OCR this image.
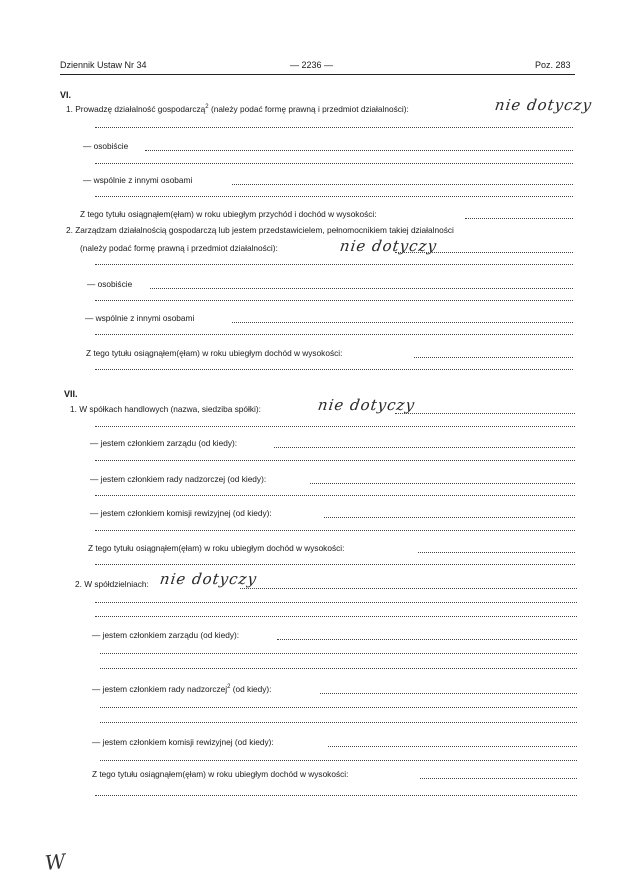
Dziennik Ustaw Nr 34	— 2236 —	Poz. 283
VI.
1. Prowadzę działalność gospodarczą$^2$ (należy podać formę prawną i przedmiot działalności):	nie dotyczy
— osobiście
— wspólnie z innymi osobami
Z tego tytułu osiągnąłem(ęłam) w roku ubiegłym przychód i dochód w wysokości:
2. Zarządzam działalnością gospodarczą lub jestem przedstawicielem, pełnomocnikiem takiej działalności
(należy podać formę prawną i przedmiot działalności):	nie dotyczy
— osobiście
— wspólnie z innymi osobami
Z tego tytułu osiągnąłem(ęłam) w roku ubiegłym dochód w wysokości:
VII.
1. W spółkach handlowych (nazwa, siedziba spółki):	nie dotyczy
— jestem członkiem zarządu (od kiedy):
— jestem członkiem rady nadzorczej (od kiedy):
— jestem członkiem komisji rewizyjnej (od kiedy):
Z tego tytułu osiągnąłem(ęłam) w roku ubiegłym dochód w wysokości:
2. W spółdzielniach: nie dotyczy
— jestem członkiem zarządu (od kiedy):
— jestem członkiem rady nadzorczej$^2$ (od kiedy):
— jestem członkiem komisji rewizyjnej (od kiedy):
Z tego tytułu osiągnąłem(ęłam) w roku ubiegłym dochód w wysokości:
W
